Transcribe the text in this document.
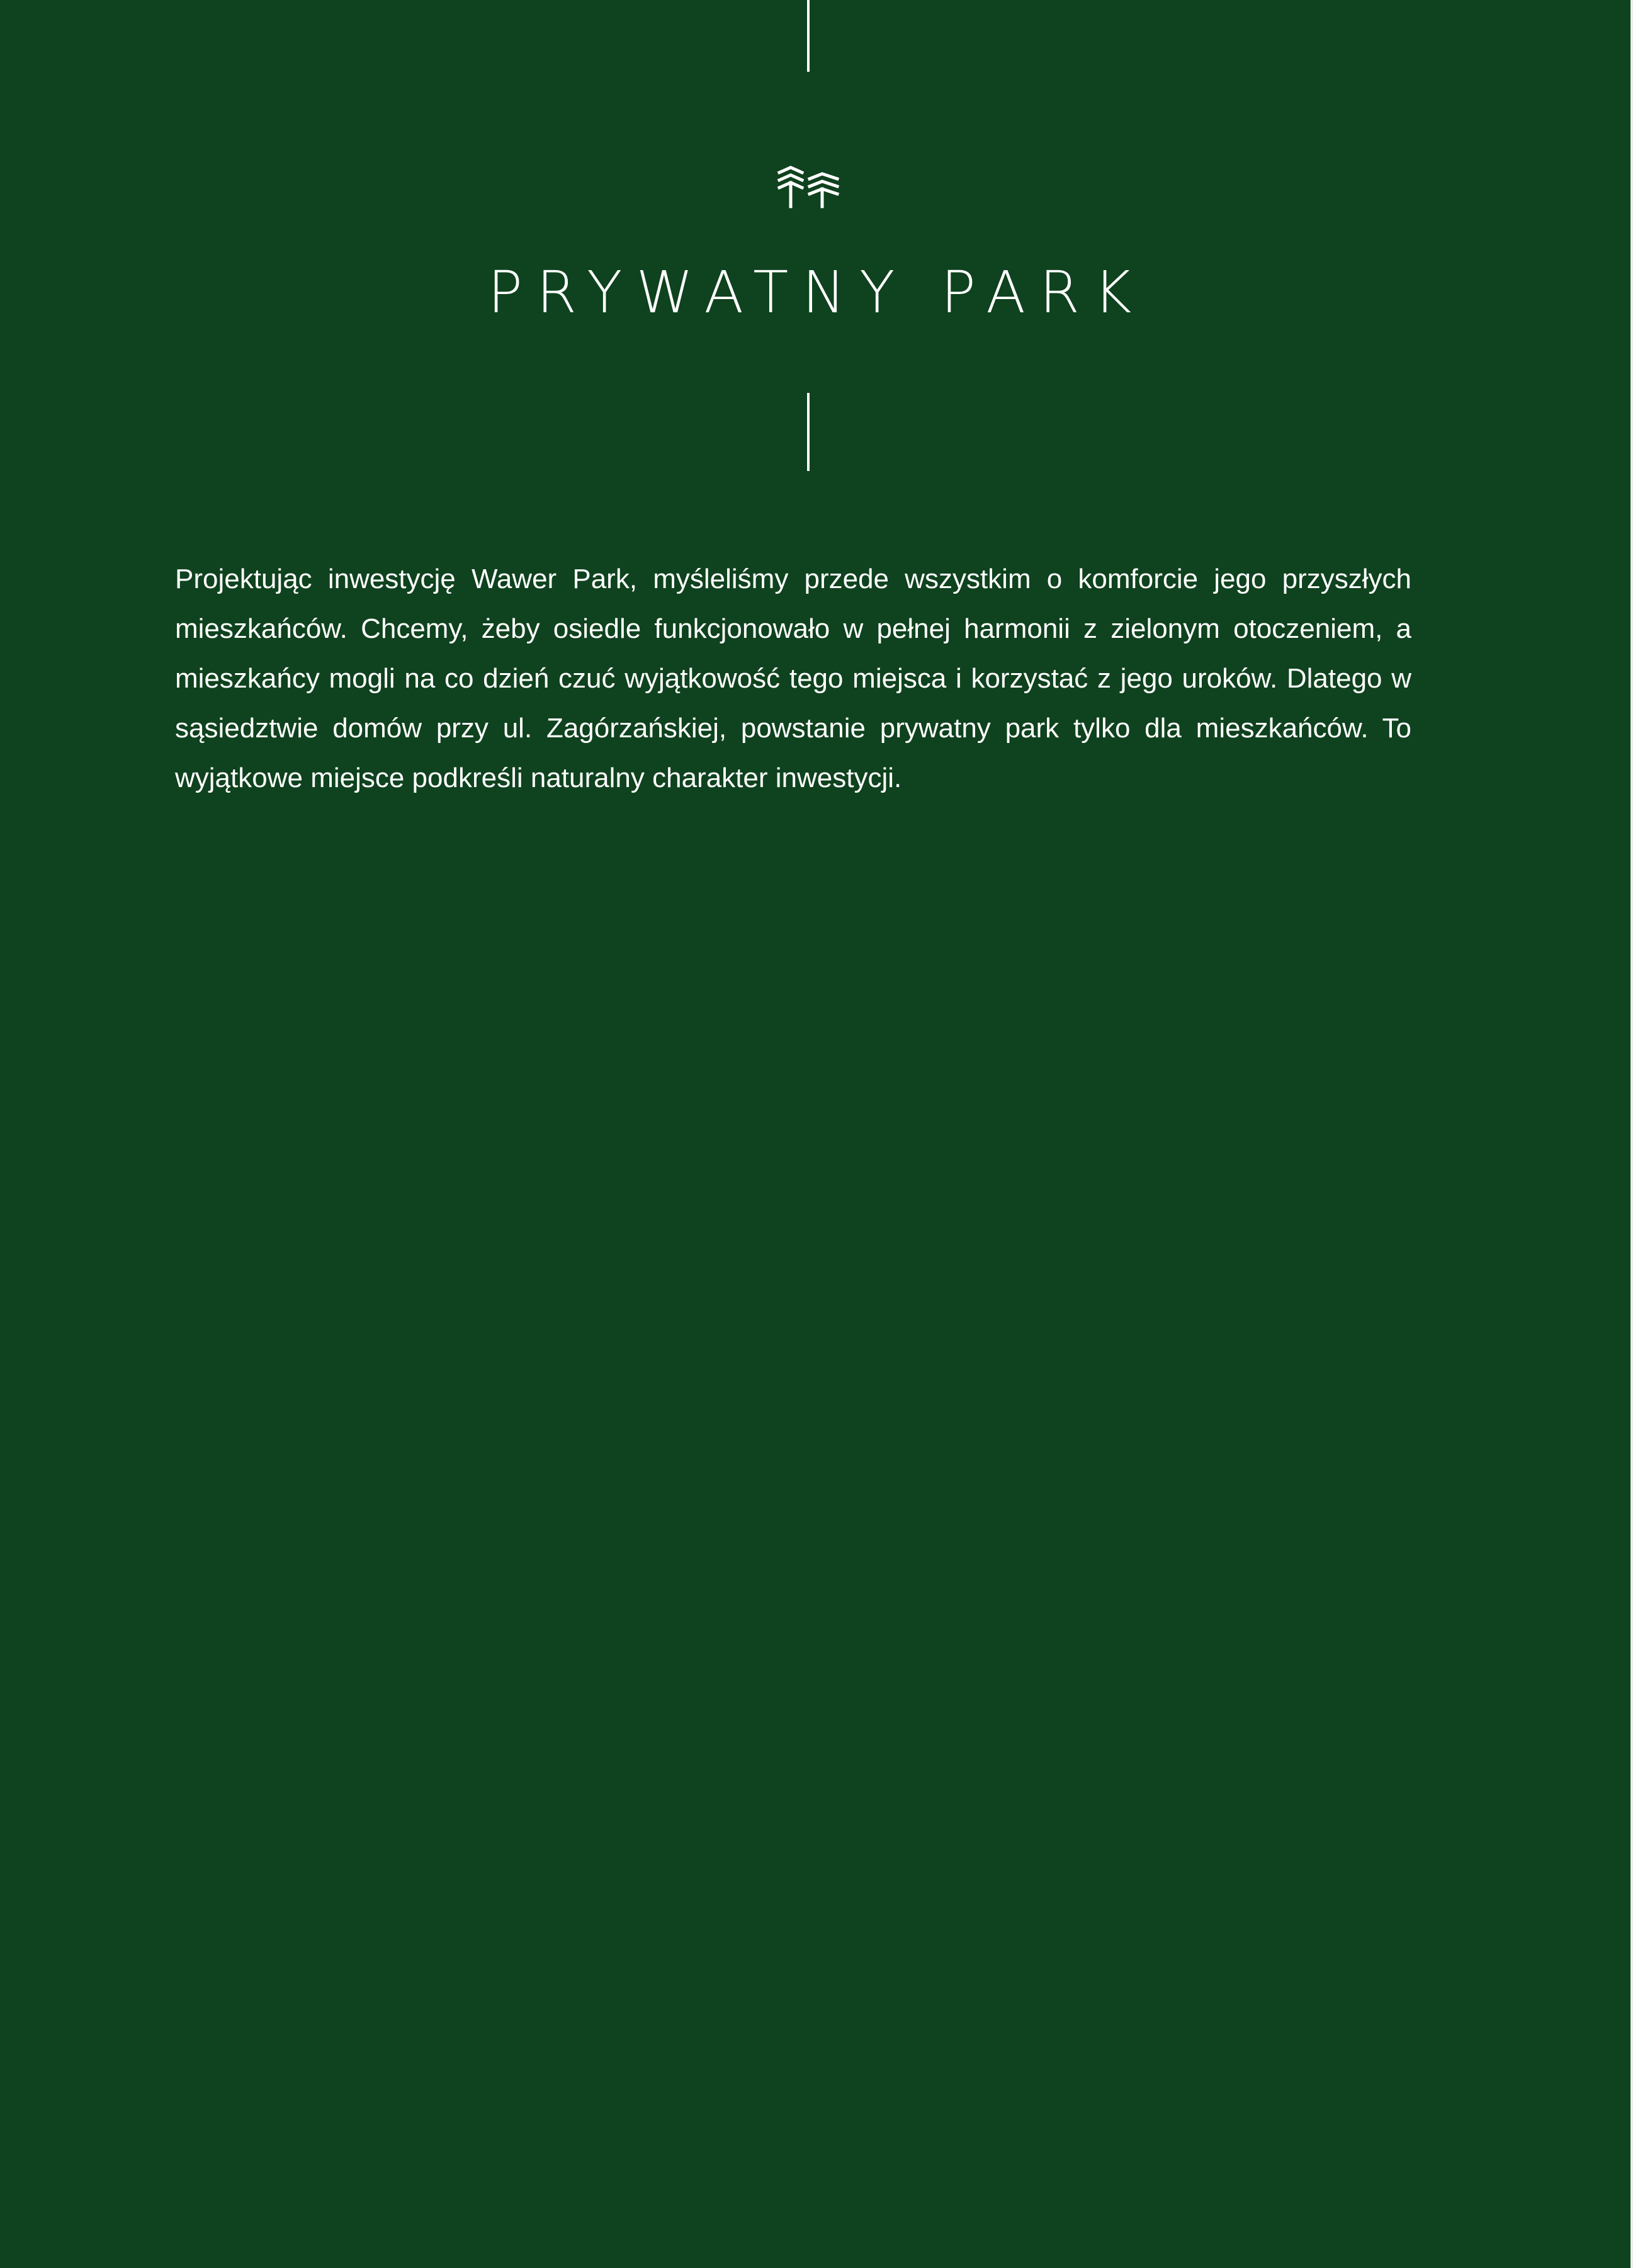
PRYWATNY PARK

Projektując inwestycję Wawer Park, myśleliśmy przede wszystkim o komforcie jego przyszłych mieszkańców. Chcemy, żeby osiedle funkcjonowało w pełnej harmonii z zielonym otoczeniem, a mieszkańcy mogli na co dzień czuć wyjątkowość tego miejsca i korzystać z jego uroków. Dlatego w sąsiedztwie domów przy ul. Zagórzańskiej, powstanie prywatny park tylko dla mieszkańców. To wyjątkowe miejsce podkreśli naturalny charakter inwestycji.
